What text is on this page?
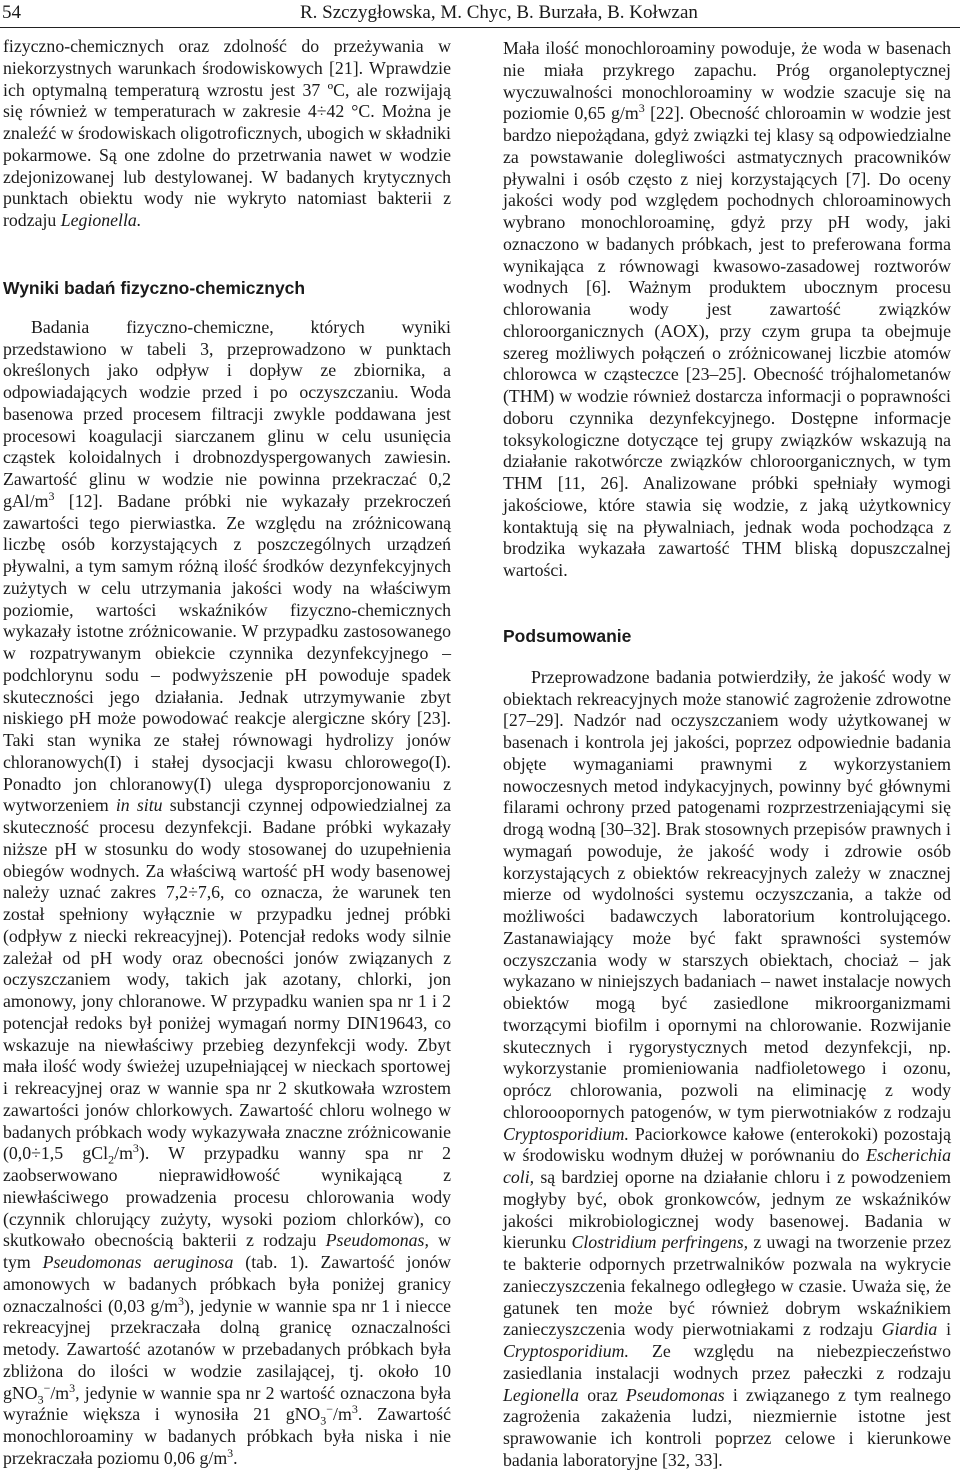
54	R. Szczygłowska, M. Chyc, B. Burzała, B. Kołwzan

fizyczno-chemicznych oraz zdolność do przeżywania w niekorzystnych warunkach środowiskowych [21]. Wprawdzie ich optymalną temperaturą wzrostu jest 37 ºC, ale rozwijają się również w temperaturach w zakresie 4÷42 °C. Można je znaleźć w środowiskach oligotroficznych, ubogich w składniki pokarmowe. Są one zdolne do przetrwania nawet w wodzie zdejonizowanej lub destylowanej. W badanych krytycznych punktach obiektu wody nie wykryto natomiast bakterii z rodzaju Legionella.

Wyniki badań fizyczno-chemicznych

Badania fizyczno-chemiczne, których wyniki przedstawiono w tabeli 3, przeprowadzono w punktach określonych jako odpływ i dopływ ze zbiornika, a odpowiadających wodzie przed i po oczyszczaniu. Woda basenowa przed procesem filtracji zwykle poddawana jest procesowi koagulacji siarczanem glinu w celu usunięcia cząstek koloidalnych i drobnozdyspergowanych zawiesin. Zawartość glinu w wodzie nie powinna przekraczać 0,2 gAl/$m^3$ [12]. Badane próbki nie wykazały przekroczeń zawartości tego pierwiastka. Ze względu na zróżnicowaną liczbę osób korzystających z poszczególnych urządzeń pływalni, a tym samym różną ilość środków dezynfekcyjnych zużytych w celu utrzymania jakości wody na właściwym poziomie, wartości wskaźników fizyczno-chemicznych wykazały istotne zróżnicowanie. W przypadku zastosowanego w rozpatrywanym obiekcie czynnika dezynfekcyjnego – podchlorynu sodu – podwyższenie pH powoduje spadek skuteczności jego działania. Jednak utrzymywanie zbyt niskiego pH może powodować reakcje alergiczne skóry [23]. Taki stan wynika ze stałej równowagi hydrolizy jonów chloranowych(I) i stałej dysocjacji kwasu chlorowego(I). Ponadto jon chloranowy(I) ulega dysproporcjonowaniu z wytworzeniem in situ substancji czynnej odpowiedzialnej za skuteczność procesu dezynfekcji. Badane próbki wykazały niższe pH w stosunku do wody stosowanej do uzupełnienia obiegów wodnych. Za właściwą wartość pH wody basenowej należy uznać zakres 7,2÷7,6, co oznacza, że warunek ten został spełniony wyłącznie w przypadku jednej próbki (odpływ z niecki rekreacyjnej). Potencjał redoks wody silnie zależał od pH wody oraz obecności jonów związanych z oczyszczaniem wody, takich jak azotany, chlorki, jon amonowy, jony chloranowe. W przypadku wanien spa nr 1 i 2 potencjał redoks był poniżej wymagań normy DIN19643, co wskazuje na niewłaściwy przebieg dezynfekcji wody. Zbyt mała ilość wody świeżej uzupełniającej w nieckach sportowej i rekreacyjnej oraz w wannie spa nr 2 skutkowała wzrostem zawartości jonów chlorkowych. Zawartość chloru wolnego w badanych próbkach wody wykazywała znaczne zróżnicowanie (0,0÷1,5 $gCl_2/m^3$). W przypadku wanny spa nr 2 zaobserwowano nieprawidłowość wynikającą z niewłaściwego prowadzenia procesu chlorowania wody (czynnik chlorujący zużyty, wysoki poziom chlorków), co skutkowało obecnością bakterii z rodzaju Pseudomonas, w tym Pseudomonas aeruginosa (tab. 1). Zawartość jonów amonowych w badanych próbkach była poniżej granicy oznaczalności (0,03 $g/m^3$), jedynie w wannie spa nr 1 i niecce rekreacyjnej przekraczała dolną granicę oznaczalności metody. Zawartość azotanów w przebadanych próbkach była zbliżona do ilości w wodzie zasilającej, tj. około 10 $gNO_3^-/m^3$, jedynie w wannie spa nr 2 wartość oznaczona była wyraźnie większa i wynosiła 21 $gNO_3^-/m^3$. Zawartość monochloroaminy w badanych próbkach była niska i nie przekraczała poziomu 0,06 $g/m^3$.

Mała ilość monochloroaminy powoduje, że woda w basenach nie miała przykrego zapachu. Próg organoleptycznej wyczuwalności monochloroaminy w wodzie szacuje się na poziomie 0,65 $g/m^3$ [22]. Obecność chloroamin w wodzie jest bardzo niepożądana, gdyż związki tej klasy są odpowiedzialne za powstawanie dolegliwości astmatycznych pracowników pływalni i osób często z niej korzystających [7]. Do oceny jakości wody pod względem pochodnych chloroaminowych wybrano monochloroaminę, gdyż przy pH wody, jaki oznaczono w badanych próbkach, jest to preferowana forma wynikająca z równowagi kwasowo-zasadowej roztworów wodnych [6]. Ważnym produktem ubocznym procesu chlorowania wody jest zawartość związków chloroorganicznych (AOX), przy czym grupa ta obejmuje szereg możliwych połączeń o zróżnicowanej liczbie atomów chlorowca w cząsteczce [23–25]. Obecność trójhalometanów (THM) w wodzie również dostarcza informacji o poprawności doboru czynnika dezynfekcyjnego. Dostępne informacje toksykologiczne dotyczące tej grupy związków wskazują na działanie rakotwórcze związków chloroorganicznych, w tym THM [11, 26]. Analizowane próbki spełniały wymogi jakościowe, które stawia się wodzie, z jaką użytkownicy kontaktują się na pływalniach, jednak woda pochodząca z brodzika wykazała zawartość THM bliską dopuszczalnej wartości.

Podsumowanie

Przeprowadzone badania potwierdziły, że jakość wody w obiektach rekreacyjnych może stanowić zagrożenie zdrowotne [27–29]. Nadzór nad oczyszczaniem wody użytkowanej w basenach i kontrola jej jakości, poprzez odpowiednie badania objęte wymaganiami prawnymi z wykorzystaniem nowoczesnych metod indykacyjnych, powinny być głównymi filarami ochrony przed patogenami rozprzestrzeniającymi się drogą wodną [30–32]. Brak stosownych przepisów prawnych i wymagań powoduje, że jakość wody i zdrowie osób korzystających z obiektów rekreacyjnych zależy w znacznej mierze od wydolności systemu oczyszczania, a także od możliwości badawczych laboratorium kontrolującego. Zastanawiający może być fakt sprawności systemów oczyszczania wody w starszych obiektach, chociaż – jak wykazano w niniejszych badaniach – nawet instalacje nowych obiektów mogą być zasiedlone mikroorganizmami tworzącymi biofilm i opornymi na chlorowanie. Rozwijanie skutecznych i rygorystycznych metod dezynfekcji, np. wykorzystanie promieniowania nadfioletowego i ozonu, oprócz chlorowania, pozwoli na eliminację z wody chlorooopornych patogenów, w tym pierwotniaków z rodzaju Cryptosporidium. Paciorkowce kałowe (enterokoki) pozostają w środowisku wodnym dłużej w porównaniu do Escherichia coli, są bardziej oporne na działanie chloru i z powodzeniem mogłyby być, obok gronkowców, jednym ze wskaźników jakości mikrobiologicznej wody basenowej. Badania w kierunku Clostridium perfringens, z uwagi na tworzenie przez te bakterie odpornych przetrwalników pozwala na wykrycie zanieczyszczenia fekalnego odległego w czasie. Uważa się, że gatunek ten może być również dobrym wskaźnikiem zanieczyszczenia wody pierwotniakami z rodzaju Giardia i Cryptosporidium. Ze względu na niebezpieczeństwo zasiedlania instalacji wodnych przez pałeczki z rodzaju Legionella oraz Pseudomonas i związanego z tym realnego zagrożenia zakażenia ludzi, niezmiernie istotne jest sprawowanie ich kontroli poprzez celowe i kierunkowe badania laboratoryjne [32, 33].
